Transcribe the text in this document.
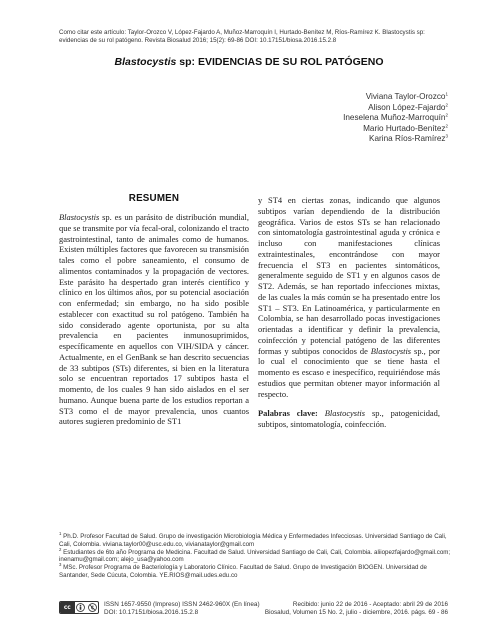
Como citar este artículo: Taylor-Orozco V, López-Fajardo A, Muñoz-Marroquín I, Hurtado-Benítez M, Ríos-Ramírez K. Blastocystis sp: evidencias de su rol patógeno. Revista Biosalud 2016; 15(2): 69-86 DOI: 10.17151/biosa.2016.15.2.8
Blastocystis sp: EVIDENCIAS DE SU ROL PATÓGENO
Viviana Taylor-Orozco$^1$
Alison López-Fajardo$^2$
Ineselena Muñoz-Marroquín$^2$
Mario Hurtado-Benítez$^2$
Karina Ríos-Ramírez$^3$
RESUMEN

Blastocystis sp. es un parásito de distribución mundial, que se transmite por vía fecal-oral, colonizando el tracto gastrointestinal, tanto de animales como de humanos. Existen múltiples factores que favorecen su transmisión tales como el pobre saneamiento, el consumo de alimentos contaminados y la propagación de vectores. Este parásito ha despertado gran interés científico y clínico en los últimos años, por su potencial asociación con enfermedad; sin embargo, no ha sido posible establecer con exactitud su rol patógeno. También ha sido considerado agente oportunista, por su alta prevalencia en pacientes inmunosuprimidos, específicamente en aquellos con VIH/SIDA y cáncer. Actualmente, en el GenBank se han descrito secuencias de 33 subtipos (STs) diferentes, si bien en la literatura solo se encuentran reportados 17 subtipos hasta el momento, de los cuales 9 han sido aislados en el ser humano. Aunque buena parte de los estudios reportan a ST3 como el de mayor prevalencia, unos cuantos autores sugieren predominio de ST1

y ST4 en ciertas zonas, indicando que algunos subtipos varían dependiendo de la distribución geográfica. Varios de estos STs se han relacionado con sintomatología gastrointestinal aguda y crónica e incluso con manifestaciones clínicas extraintestinales, encontrándose con mayor frecuencia el ST3 en pacientes sintomáticos, generalmente seguido de ST1 y en algunos casos de ST2. Además, se han reportado infecciones mixtas, de las cuales la más común se ha presentado entre los ST1 – ST3. En Latinoamérica, y particularmente en Colombia, se han desarrollado pocas investigaciones orientadas a identificar y definir la prevalencia, coinfección y potencial patógeno de las diferentes formas y subtipos conocidos de Blastocystis sp., por lo cual el conocimiento que se tiene hasta el momento es escaso e inespecífico, requiriéndose más estudios que permitan obtener mayor información al respecto.

Palabras clave: Blastocystis sp., patogenicidad, subtipos, sintomatología, coinfección.

$^1$ Ph.D. Profesor Facultad de Salud. Grupo de investigación Microbiología Médica y Enfermedades Infecciosas. Universidad Santiago de Cali, Cali, Colombia. viviana.taylor00@usc.edu.co, vivianataylor@gmail.com
$^2$ Estudiantes de 6to año Programa de Medicina. Facultad de Salud. Universidad Santiago de Cali, Cali, Colombia. aliiopezfajardo@gmail.com; inenamu@gmail.com; alejo_usa@yahoo.com
$^3$ MSc. Profesor Programa de Bacteriología y Laboratorio Clínico. Facultad de Salud. Grupo de Investigación BIOGEN. Universidad de Santander, Sede Cúcuta, Colombia. YE.RIOS@mail.udes.edu.co
cc	ISSN 1657-9550 (Impreso) ISSN 2462-960X (En línea)
DOI: 10.17151/biosa.2016.15.2.8
Recibido: junio 22 de 2016 - Aceptado: abril 29 de 2016
Biosalud, Volumen 15 No. 2, julio - diciembre, 2016. págs. 69 - 86
